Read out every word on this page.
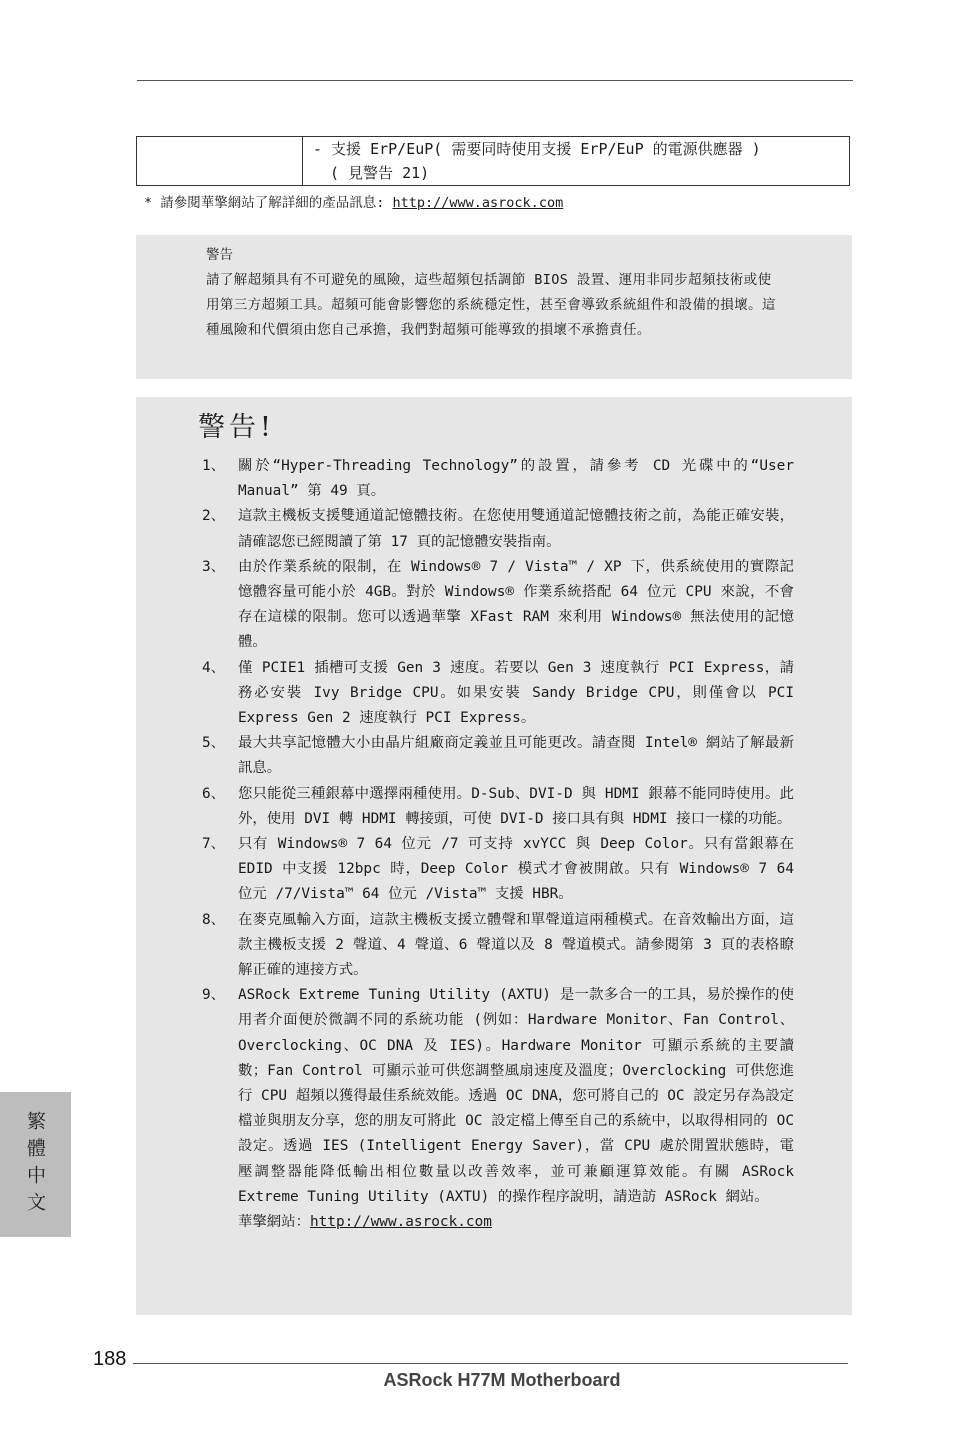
- 支援 ErP/EuP( 需要同時使用支援 ErP/EuP 的電源供應器 )
( 見警告 21)
* 請參閱華擎網站了解詳細的產品訊息: http://www.asrock.com
警告
請了解超頻具有不可避免的風險，這些超頻包括調節 BIOS 設置、運用非同步超頻技術或使用第三方超頻工具。超頻可能會影響您的系統穩定性，甚至會導致系統組件和設備的損壞。這種風險和代價須由您自己承擔，我們對超頻可能導致的損壞不承擔責任。
警告!
1、 關於“Hyper-Threading Technology”的設置，請參考 CD 光碟中的“User Manual” 第 49 頁。
2、 這款主機板支援雙通道記憶體技術。在您使用雙通道記憶體技術之前，為能正確安裝，請確認您已經閱讀了第 17 頁的記憶體安裝指南。
3、 由於作業系統的限制，在 Windows® 7 / Vista™ / XP 下，供系統使用的實際記憶體容量可能小於 4GB。對於 Windows® 作業系統搭配 64 位元 CPU 來說，不會存在這樣的限制。您可以透過華擎 XFast RAM 來利用 Windows® 無法使用的記憶體。
4、 僅 PCIE1 插槽可支援 Gen 3 速度。若要以 Gen 3 速度執行 PCI Express，請務必安裝 Ivy Bridge CPU。如果安裝 Sandy Bridge CPU，則僅會以 PCI Express Gen 2 速度執行 PCI Express。
5、 最大共享記憶體大小由晶片組廠商定義並且可能更改。請查閱 Intel® 網站了解最新訊息。
6、 您只能從三種銀幕中選擇兩種使用。D-Sub、DVI-D 與 HDMI 銀幕不能同時使用。此外，使用 DVI 轉 HDMI 轉接頭，可使 DVI-D 接口具有與 HDMI 接口一樣的功能。
7、 只有 Windows® 7 64 位元 /7 可支持 xvYCC 與 Deep Color。只有當銀幕在 EDID 中支援 12bpc 時，Deep Color 模式才會被開啟。只有 Windows® 7 64 位元 /7/Vista™ 64 位元 /Vista™ 支援 HBR。
8、 在麥克風輸入方面，這款主機板支援立體聲和單聲道這兩種模式。在音效輸出方面，這款主機板支援 2 聲道、4 聲道、6 聲道以及 8 聲道模式。請參閱第 3 頁的表格瞭解正確的連接方式。
9、 ASRock Extreme Tuning Utility (AXTU) 是一款多合一的工具，易於操作的使用者介面便於微調不同的系統功能 (例如：Hardware Monitor、Fan Control、Overclocking、OC DNA 及 IES)。Hardware Monitor 可顯示系統的主要讀數；Fan Control 可顯示並可供您調整風扇速度及溫度；Overclocking 可供您進行 CPU 超頻以獲得最佳系統效能。透過 OC DNA，您可將自己的 OC 設定另存為設定檔並與朋友分享，您的朋友可將此 OC 設定檔上傳至自己的系統中，以取得相同的 OC 設定。透過 IES (Intelligent Energy Saver)，當 CPU 處於閒置狀態時，電壓調整器能降低輸出相位數量以改善效率，並可兼顧運算效能。有關 ASRock Extreme Tuning Utility (AXTU) 的操作程序說明，請造訪 ASRock 網站。
華擎網站：http://www.asrock.com
繁體中文
188
ASRock H77M Motherboard
